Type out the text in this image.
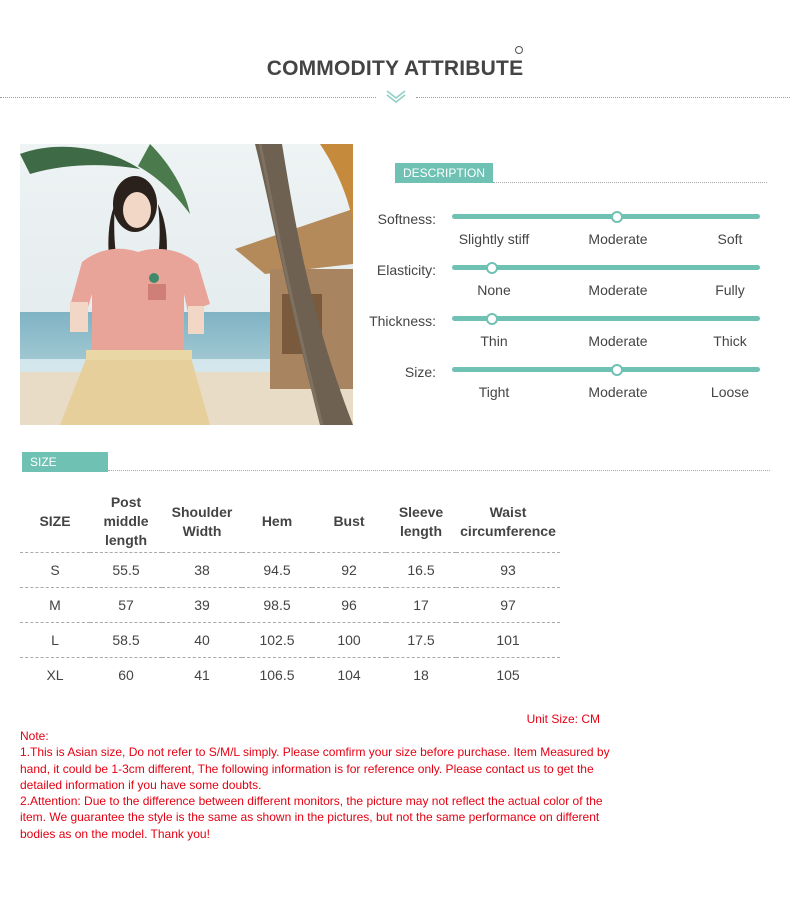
COMMODITY ATTRIBUTE
DESCRIPTION
Softness:
Slightly stiff	Moderate	Soft
Elasticity:
None	Moderate	Fully
Thickness:
Thin	Moderate	Thick
Size:
Tight	Moderate	Loose
SIZE FILTER
SIZE	Post middle length	Shoulder Width	Hem	Bust	Sleeve length	Waist circumference
S	55.5	38	94.5	92	16.5	93
M	57	39	98.5	96	17	97
L	58.5	40	102.5	100	17.5	101
XL	60	41	106.5	104	18	105
Unit Size: CM

Note:

1.This is Asian size, Do not refer to S/M/L simply. Please comfirm your size before purchase. Item Measured by hand, it could be 1-3cm different, The following information is for reference only. Please contact us to get the detailed information if you have some doubts.

2.Attention: Due to the difference between different monitors, the picture may not reflect the actual color of the item. We guarantee the style is the same as shown in the pictures, but not the same performance on different bodies as on the model. Thank you!
